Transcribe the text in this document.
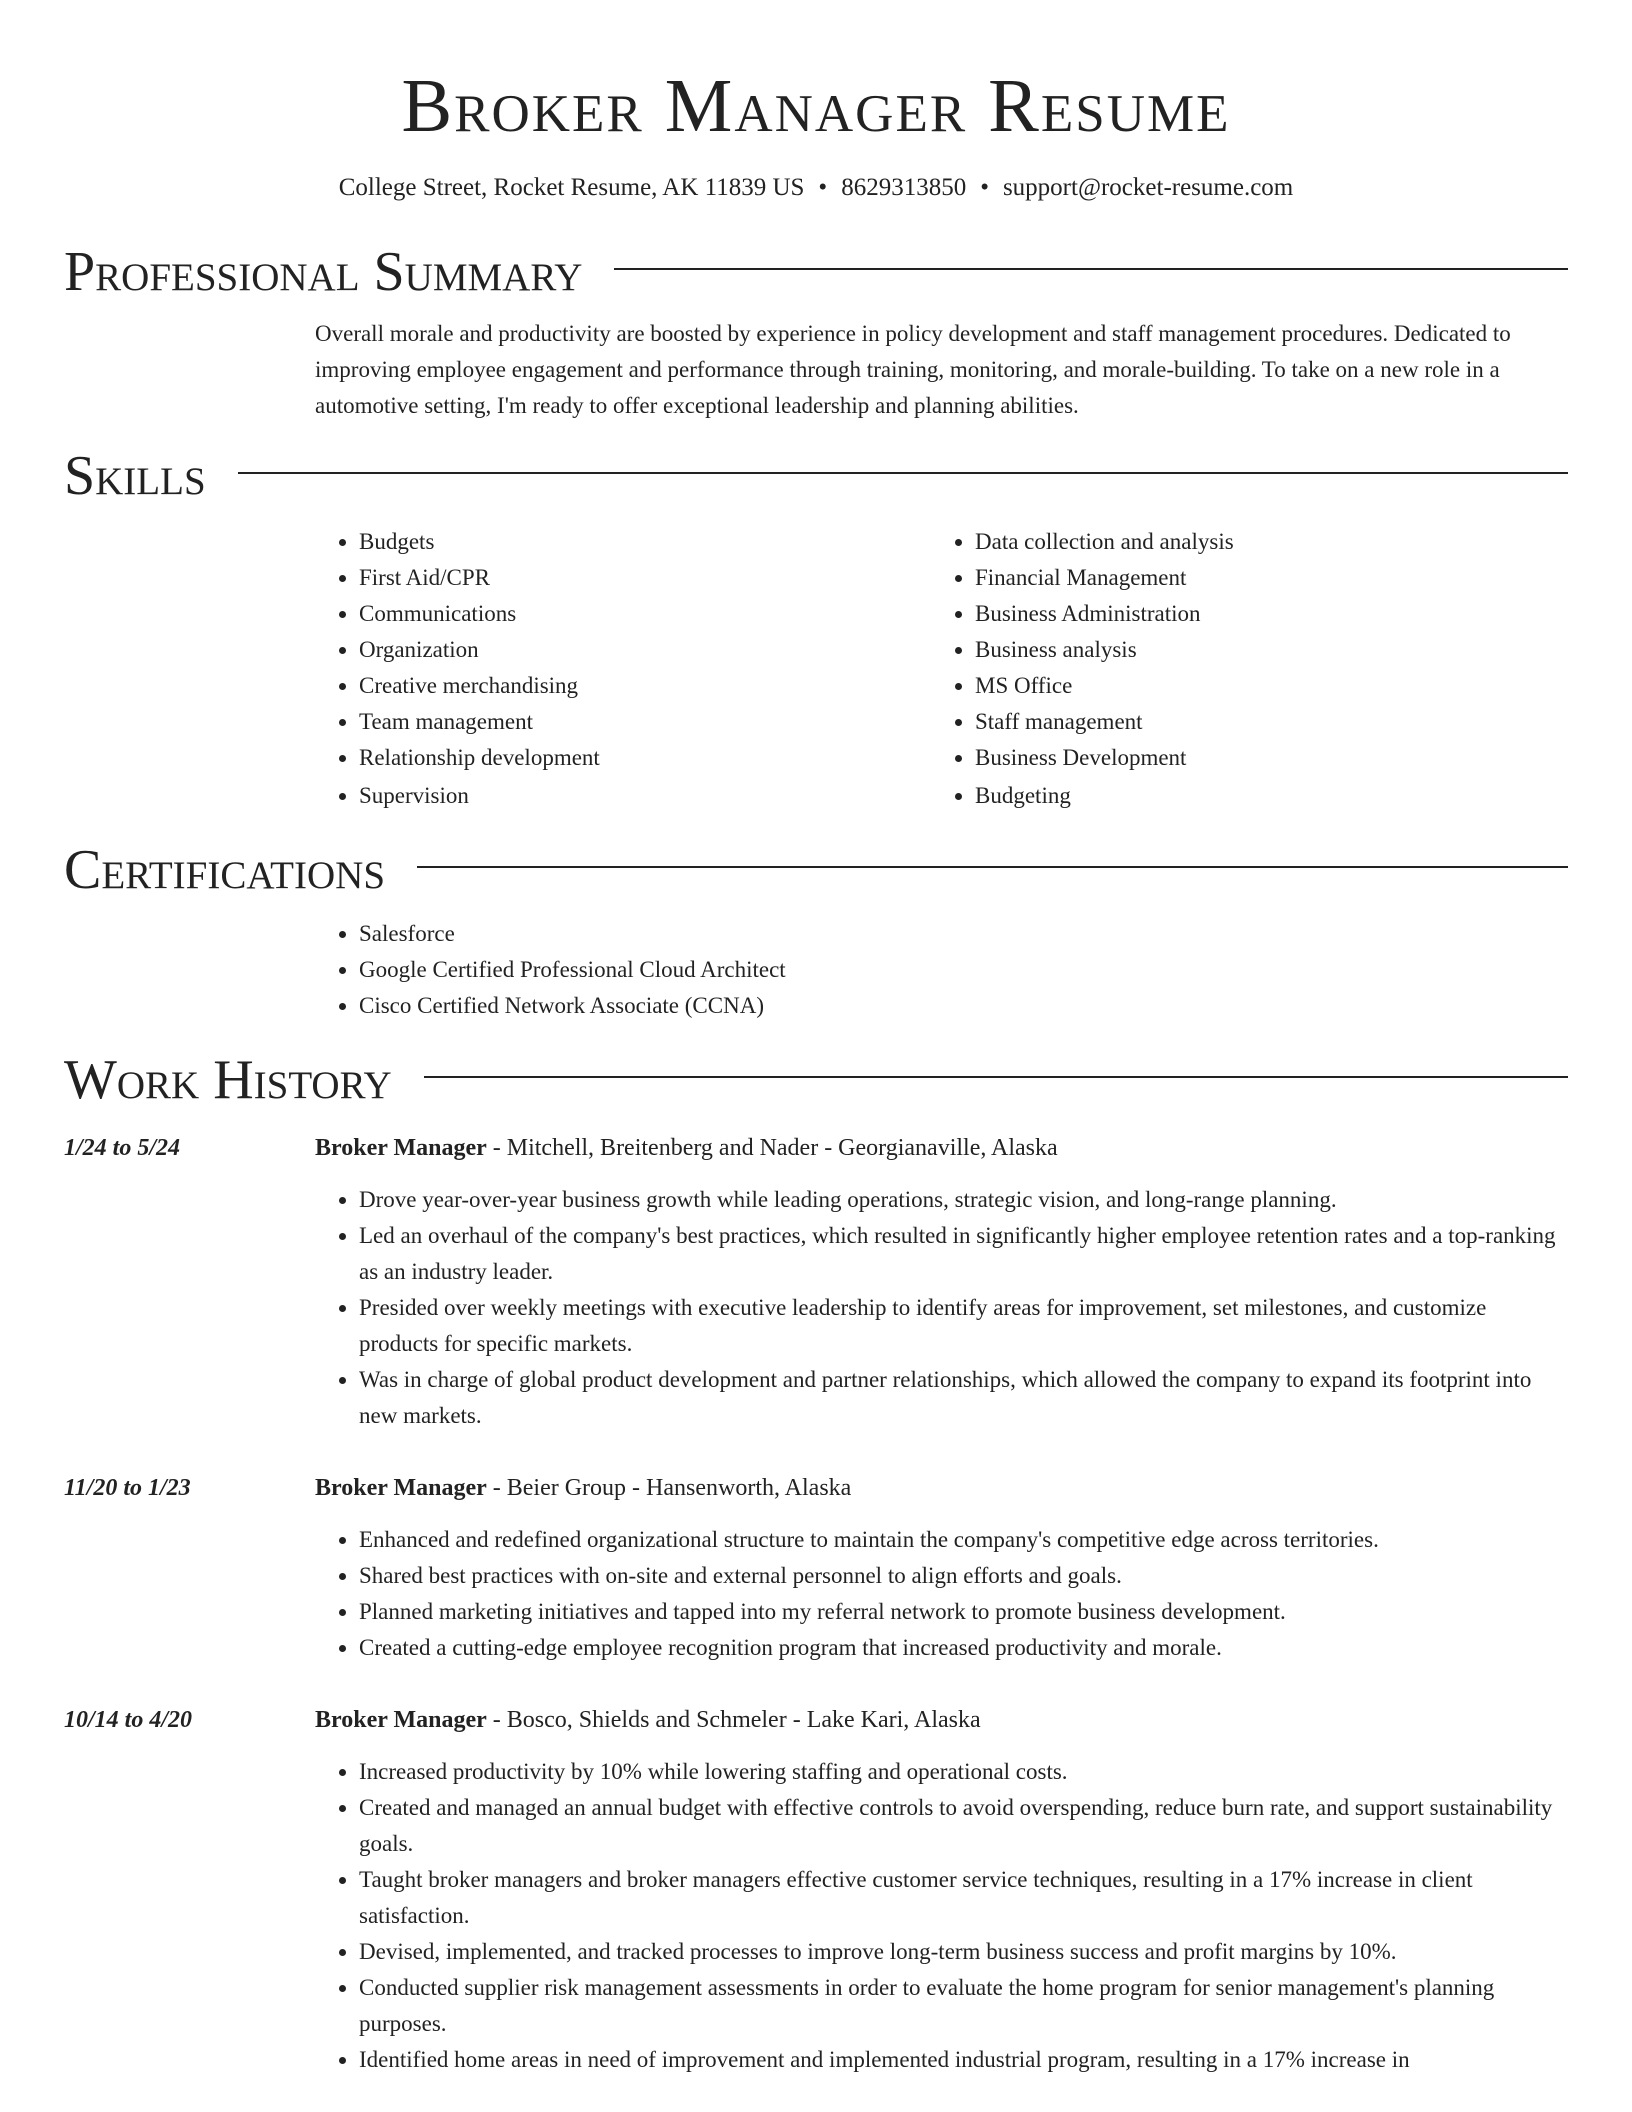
Broker Manager Resume
College Street, Rocket Resume, AK 11839 US • 8629313850 • support@rocket-resume.com
Professional Summary

Overall morale and productivity are boosted by experience in policy development and staff management procedures. Dedicated to improving employee engagement and performance through training, monitoring, and morale-building. To take on a new role in a automotive setting, I'm ready to offer exceptional leadership and planning abilities.

Skills
• Budgets
• First Aid/CPR
• Communications
• Organization
• Creative merchandising
• Team management
• Relationship development
• Supervision
• Data collection and analysis
• Financial Management
• Business Administration
• Business analysis
• MS Office
• Staff management
• Business Development
• Budgeting
Certifications
• Salesforce
• Google Certified Professional Cloud Architect
• Cisco Certified Network Associate (CCNA)
Work History
1/24 to 5/24	Broker Manager - Mitchell, Breitenberg and Nader - Georgianaville, Alaska
• Drove year-over-year business growth while leading operations, strategic vision, and long-range planning.
• Led an overhaul of the company's best practices, which resulted in significantly higher employee retention rates and a top-ranking as an industry leader.
• Presided over weekly meetings with executive leadership to identify areas for improvement, set milestones, and customize products for specific markets.
• Was in charge of global product development and partner relationships, which allowed the company to expand its footprint into new markets.
11/20 to 1/23	Broker Manager - Beier Group - Hansenworth, Alaska
• Enhanced and redefined organizational structure to maintain the company's competitive edge across territories.
• Shared best practices with on-site and external personnel to align efforts and goals.
• Planned marketing initiatives and tapped into my referral network to promote business development.
• Created a cutting-edge employee recognition program that increased productivity and morale.
10/14 to 4/20	Broker Manager - Bosco, Shields and Schmeler - Lake Kari, Alaska
• Increased productivity by 10% while lowering staffing and operational costs.
• Created and managed an annual budget with effective controls to avoid overspending, reduce burn rate, and support sustainability goals.
• Taught broker managers and broker managers effective customer service techniques, resulting in a 17% increase in client satisfaction.
• Devised, implemented, and tracked processes to improve long-term business success and profit margins by 10%.
• Conducted supplier risk management assessments in order to evaluate the home program for senior management's planning purposes.
• Identified home areas in need of improvement and implemented industrial program, resulting in a 17% increase in
